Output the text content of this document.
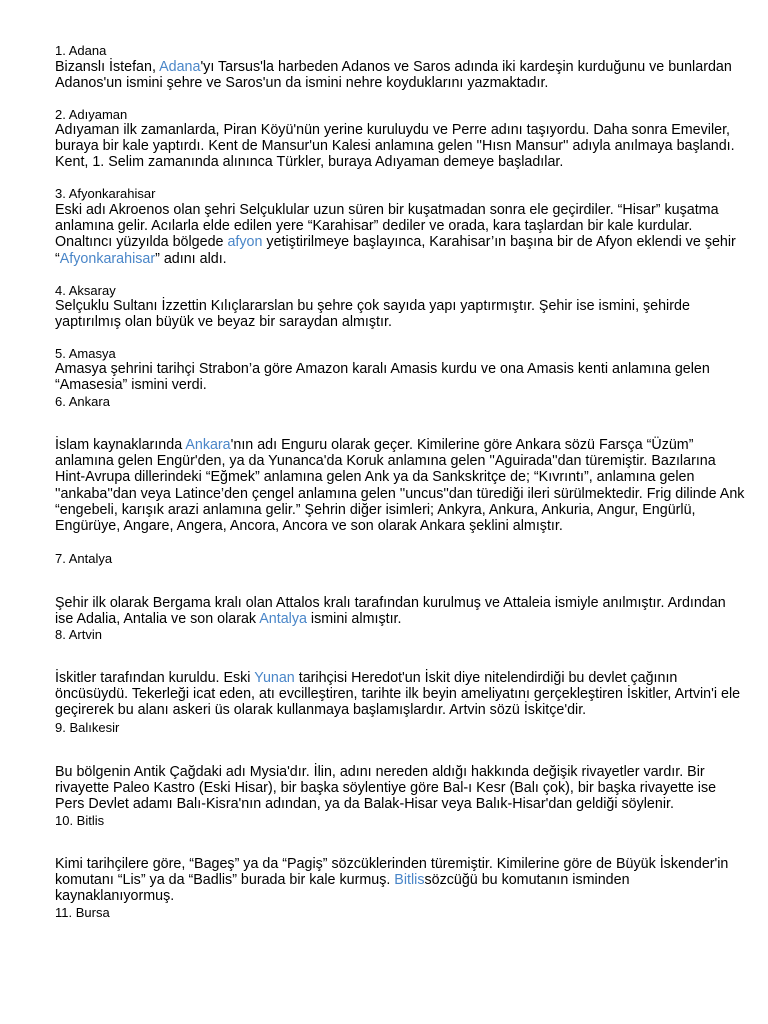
1. Adana
Bizanslı İstefan, Adana'yı Tarsus'la harbeden Adanos ve Saros adında iki kardeşin kurduğunu ve bunlardan Adanos'un ismini şehre ve Saros'un da ismini nehre koyduklarını yazmaktadır.
2. Adıyaman
Adıyaman ilk zamanlarda, Piran Köyü'nün yerine kuruluydu ve Perre adını taşıyordu. Daha sonra Emeviler, buraya bir kale yaptırdı. Kent de Mansur'un Kalesi anlamına gelen ''Hısn Mansur'' adıyla anılmaya başlandı. Kent, 1. Selim zamanında alınınca Türkler, buraya Adıyaman demeye başladılar.
3. Afyonkarahisar
Eski adı Akroenos olan şehri Selçuklular uzun süren bir kuşatmadan sonra ele geçirdiler. “Hisar” kuşatma anlamına gelir. Acılarla elde edilen yere “Karahisar” dediler ve orada, kara taşlardan bir kale kurdular. Onaltıncı yüzyılda bölgede afyon yetiştirilmeye başlayınca, Karahisar’ın başına bir de Afyon eklendi ve şehir “Afyonkarahisar” adını aldı.
4. Aksaray
Selçuklu Sultanı İzzettin Kılıçlararslan bu şehre çok sayıda yapı yaptırmıştır. Şehir ise ismini, şehirde yaptırılmış olan büyük ve beyaz bir saraydan almıştır.
5. Amasya
Amasya şehrini tarihçi Strabon’a göre Amazon karalı Amasis kurdu ve ona Amasis kenti anlamına gelen “Amasesia” ismini verdi.
6. Ankara
İslam kaynaklarında Ankara'nın adı Enguru olarak geçer. Kimilerine göre Ankara sözü Farsça “Üzüm” anlamına gelen Engür'den, ya da Yunanca'da Koruk anlamına gelen ''Aguirada''dan türemiştir. Bazılarına Hint-Avrupa dillerindeki “Eğmek” anlamına gelen Ank ya da Sankskritçe de; “Kıvrıntı”, anlamına gelen ''ankaba''dan veya Latince’den çengel anlamına gelen ''uncus''dan türediği ileri sürülmektedir. Frig dilinde Ank “engebeli, karışık arazi anlamına gelir.” Şehrin diğer isimleri; Ankyra, Ankura, Ankuria, Angur, Engürlü, Engürüye, Angare, Angera, Ancora, Ancora ve son olarak Ankara şeklini almıştır.
7. Antalya
Şehir ilk olarak Bergama kralı olan Attalos kralı tarafından kurulmuş ve Attaleia ismiyle anılmıştır. Ardından ise Adalia, Antalia ve son olarak Antalya ismini almıştır.
8. Artvin
İskitler tarafından kuruldu. Eski Yunan tarihçisi Heredot'un İskit diye nitelendirdiği bu devlet çağının öncüsüydü. Tekerleği icat eden, atı evcilleştiren, tarihte ilk beyin ameliyatını gerçekleştiren İskitler, Artvin'i ele geçirerek bu alanı askeri üs olarak kullanmaya başlamışlardır. Artvin sözü İskitçe'dir.
9. Balıkesir
Bu bölgenin Antik Çağdaki adı Mysia'dır. İlin, adını nereden aldığı hakkında değişik rivayetler vardır. Bir rivayette Paleo Kastro (Eski Hisar), bir başka söylentiye göre Bal-ı Kesr (Balı çok), bir başka rivayette ise Pers Devlet adamı Balı-Kisra'nın adından, ya da Balak-Hisar veya Balık-Hisar'dan geldiği söylenir.
10. Bitlis
Kimi tarihçilere göre, “Bageş” ya da “Pagiş” sözcüklerinden türemiştir. Kimilerine göre de Büyük İskender'in komutanı “Lis” ya da “Badlis” burada bir kale kurmuş. Bitlissözcüğü bu komutanın isminden kaynaklanıyormuş.
11. Bursa
